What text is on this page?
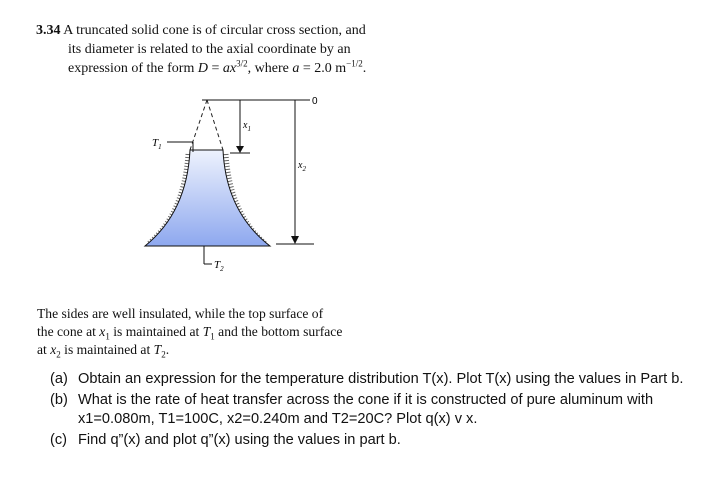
3.34 A truncated solid cone is of circular cross section, and
its diameter is related to the axial coordinate by an
expression of the form $D = ax^{3/2}$, where a = 2.0 $m^{-1/2}$.
$T_1$
$T_2$
0
$x_1$
$x_2$
The sides are well insulated, while the top surface of
the cone at $x_1$ is maintained at $T_1$ and the bottom surface
at $x_2$ is maintained at $T_2$.
(a) Obtain an expression for the temperature distribution T(x). Plot T(x) using the values in Part b.
(b) What is the rate of heat transfer across the cone if it is constructed of pure aluminum with x1=0.080m, T1=100C, x2=0.240m and T2=20C? Plot q(x) v x.
(c) Find q”(x) and plot q”(x) using the values in part b.
